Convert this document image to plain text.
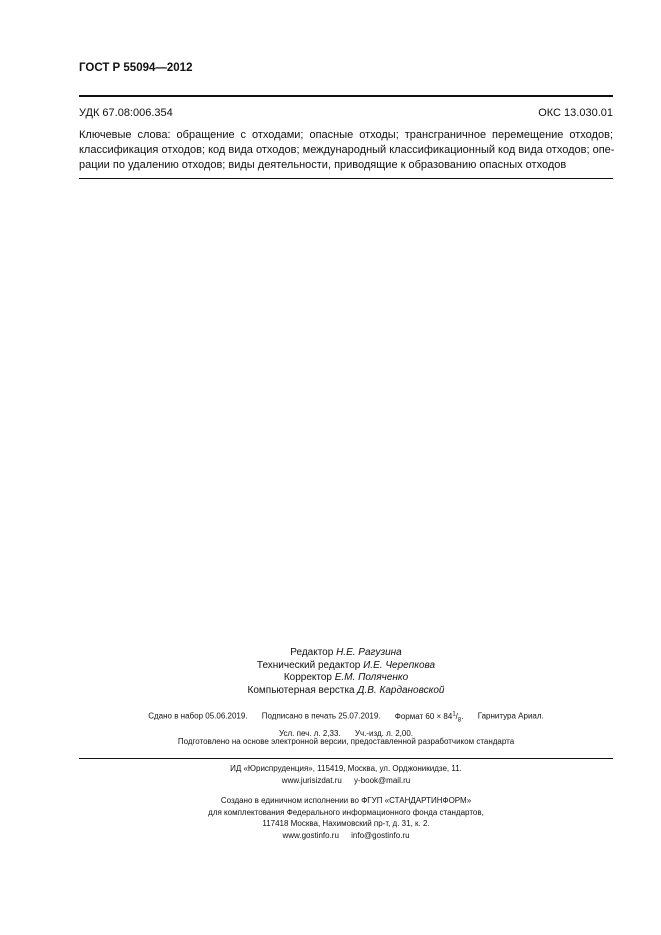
ГОСТ Р 55094—2012
УДК 67.08:006.354	ОКС 13.030.01
Ключевые слова: обращение с отходами; опасные отходы; трансграничное перемещение отходов;
классификация отходов; код вида отходов; международный классификационный код вида отходов; опе-
рации по удалению отходов; виды деятельности, приводящие к образованию опасных отходов
Редактор Н.Е. Рагузина
Технический редактор И.Е. Черепкова
Корректор Е.М. Поляченко
Компьютерная верстка Д.В. Кардановской
Сдано в набор 05.06.2019. Подписано в печать 25.07.2019. Формат $60 \times 84^1/_8$. Гарнитура Ариал.
Усл. печ. л. 2,33. Уч.-изд. л. 2,00.
Подготовлено на основе электронной версии, предоставленной разработчиком стандарта
ИД «Юриспруденция», 115419, Москва, ул. Орджоникидзе, 11.
www.jurisizdat.ru y-book@mail.ru
Создано в единичном исполнении во ФГУП «СТАНДАРТИНФОРМ»
для комплектования Федерального информационного фонда стандартов,
117418 Москва, Нахимовский пр-т, д. 31, к. 2.
www.gostinfo.ru info@gostinfo.ru
